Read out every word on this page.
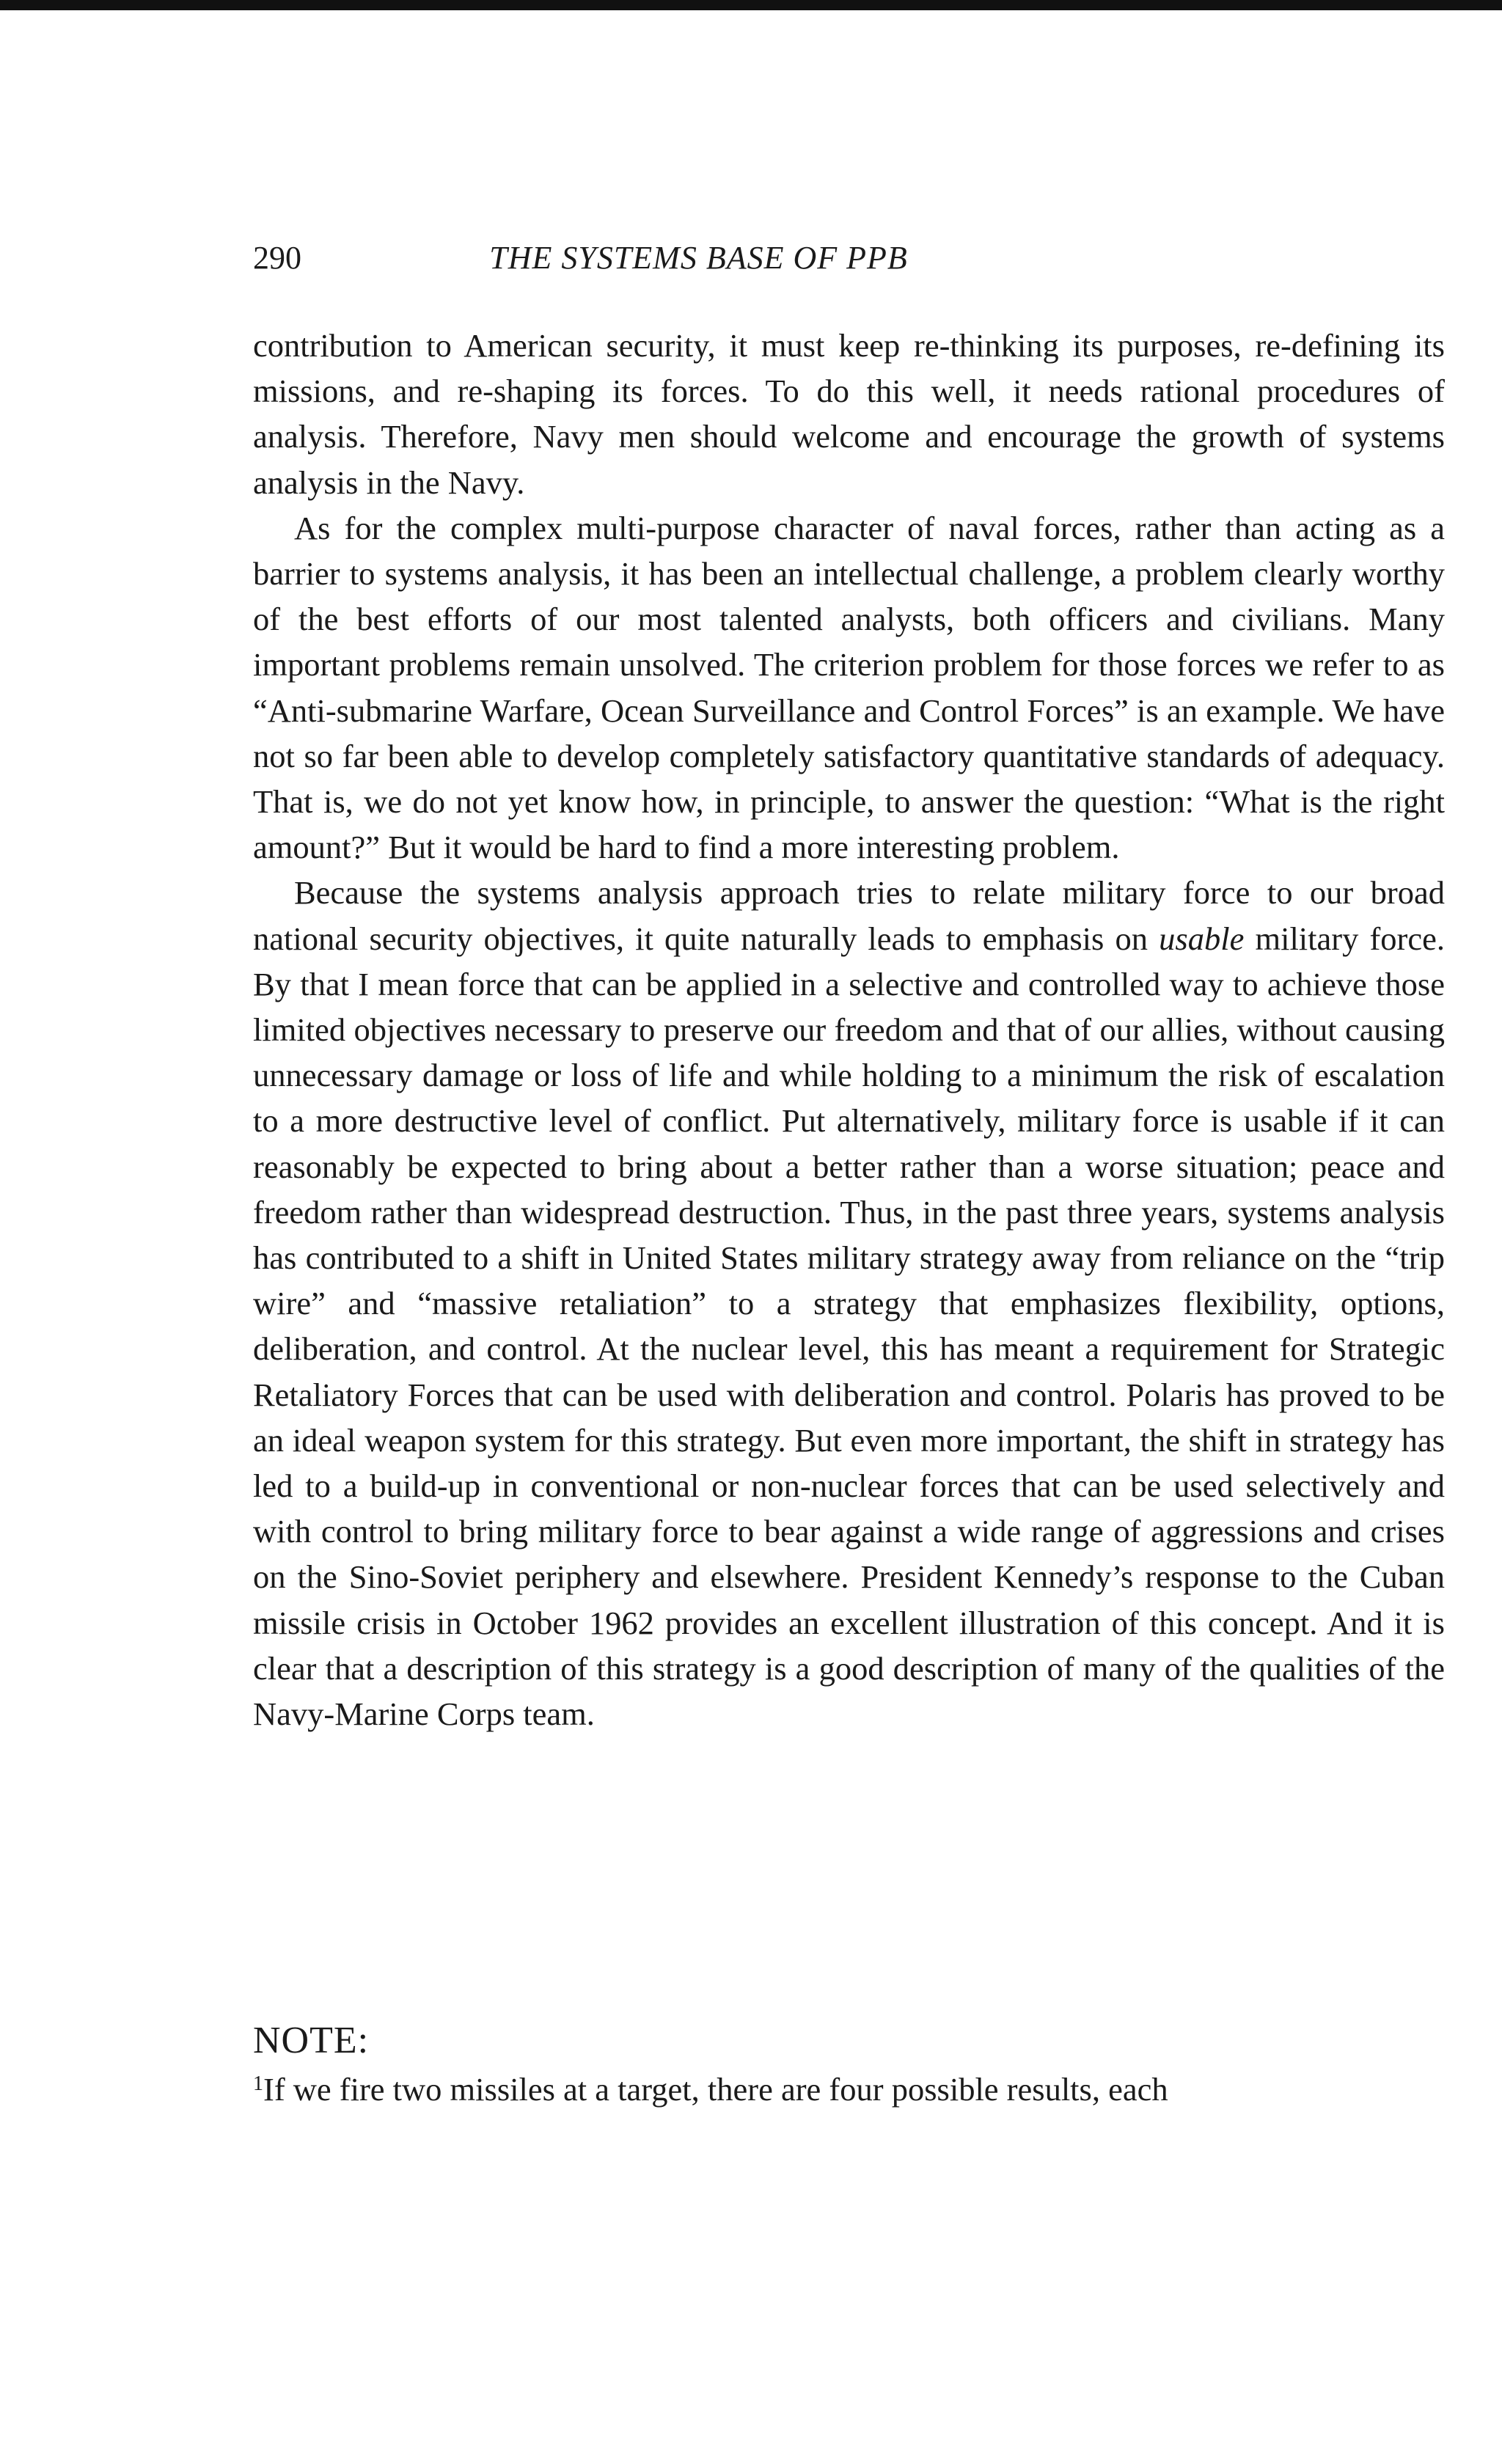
290	THE SYSTEMS BASE OF PPB

contribution to American security, it must keep re-thinking its purposes, re-defining its missions, and re-shaping its forces. To do this well, it needs rational procedures of analysis. Therefore, Navy men should welcome and encourage the growth of systems analysis in the Navy.

As for the complex multi-purpose character of naval forces, rather than acting as a barrier to systems analysis, it has been an intellectual challenge, a problem clearly worthy of the best efforts of our most talented analysts, both officers and civilians. Many important problems remain unsolved. The criterion problem for those forces we refer to as “Anti-submarine Warfare, Ocean Surveillance and Control Forces” is an example. We have not so far been able to develop completely satisfactory quantitative standards of adequacy. That is, we do not yet know how, in principle, to answer the question: “What is the right amount?” But it would be hard to find a more interesting problem.

Because the systems analysis approach tries to relate military force to our broad national security objectives, it quite naturally leads to emphasis on usable military force. By that I mean force that can be applied in a selective and controlled way to achieve those limited objectives necessary to preserve our freedom and that of our allies, without causing unnecessary damage or loss of life and while holding to a minimum the risk of escalation to a more destructive level of conflict. Put alternatively, military force is usable if it can reasonably be expected to bring about a better rather than a worse situation; peace and freedom rather than widespread destruction. Thus, in the past three years, systems analysis has contributed to a shift in United States military strategy away from reliance on the “trip wire” and “massive retaliation” to a strategy that emphasizes flexibility, options, deliberation, and control. At the nuclear level, this has meant a requirement for Strategic Retaliatory Forces that can be used with deliberation and control. Polaris has proved to be an ideal weapon system for this strategy. But even more important, the shift in strategy has led to a build-up in conventional or non-nuclear forces that can be used selectively and with control to bring military force to bear against a wide range of aggressions and crises on the Sino-Soviet periphery and elsewhere. President Kennedy’s response to the Cuban missile crisis in October 1962 provides an excellent illustration of this concept. And it is clear that a description of this strategy is a good description of many of the qualities of the Navy-Marine Corps team.

NOTE:
$^1$If we fire two missiles at a target, there are four possible results, each
